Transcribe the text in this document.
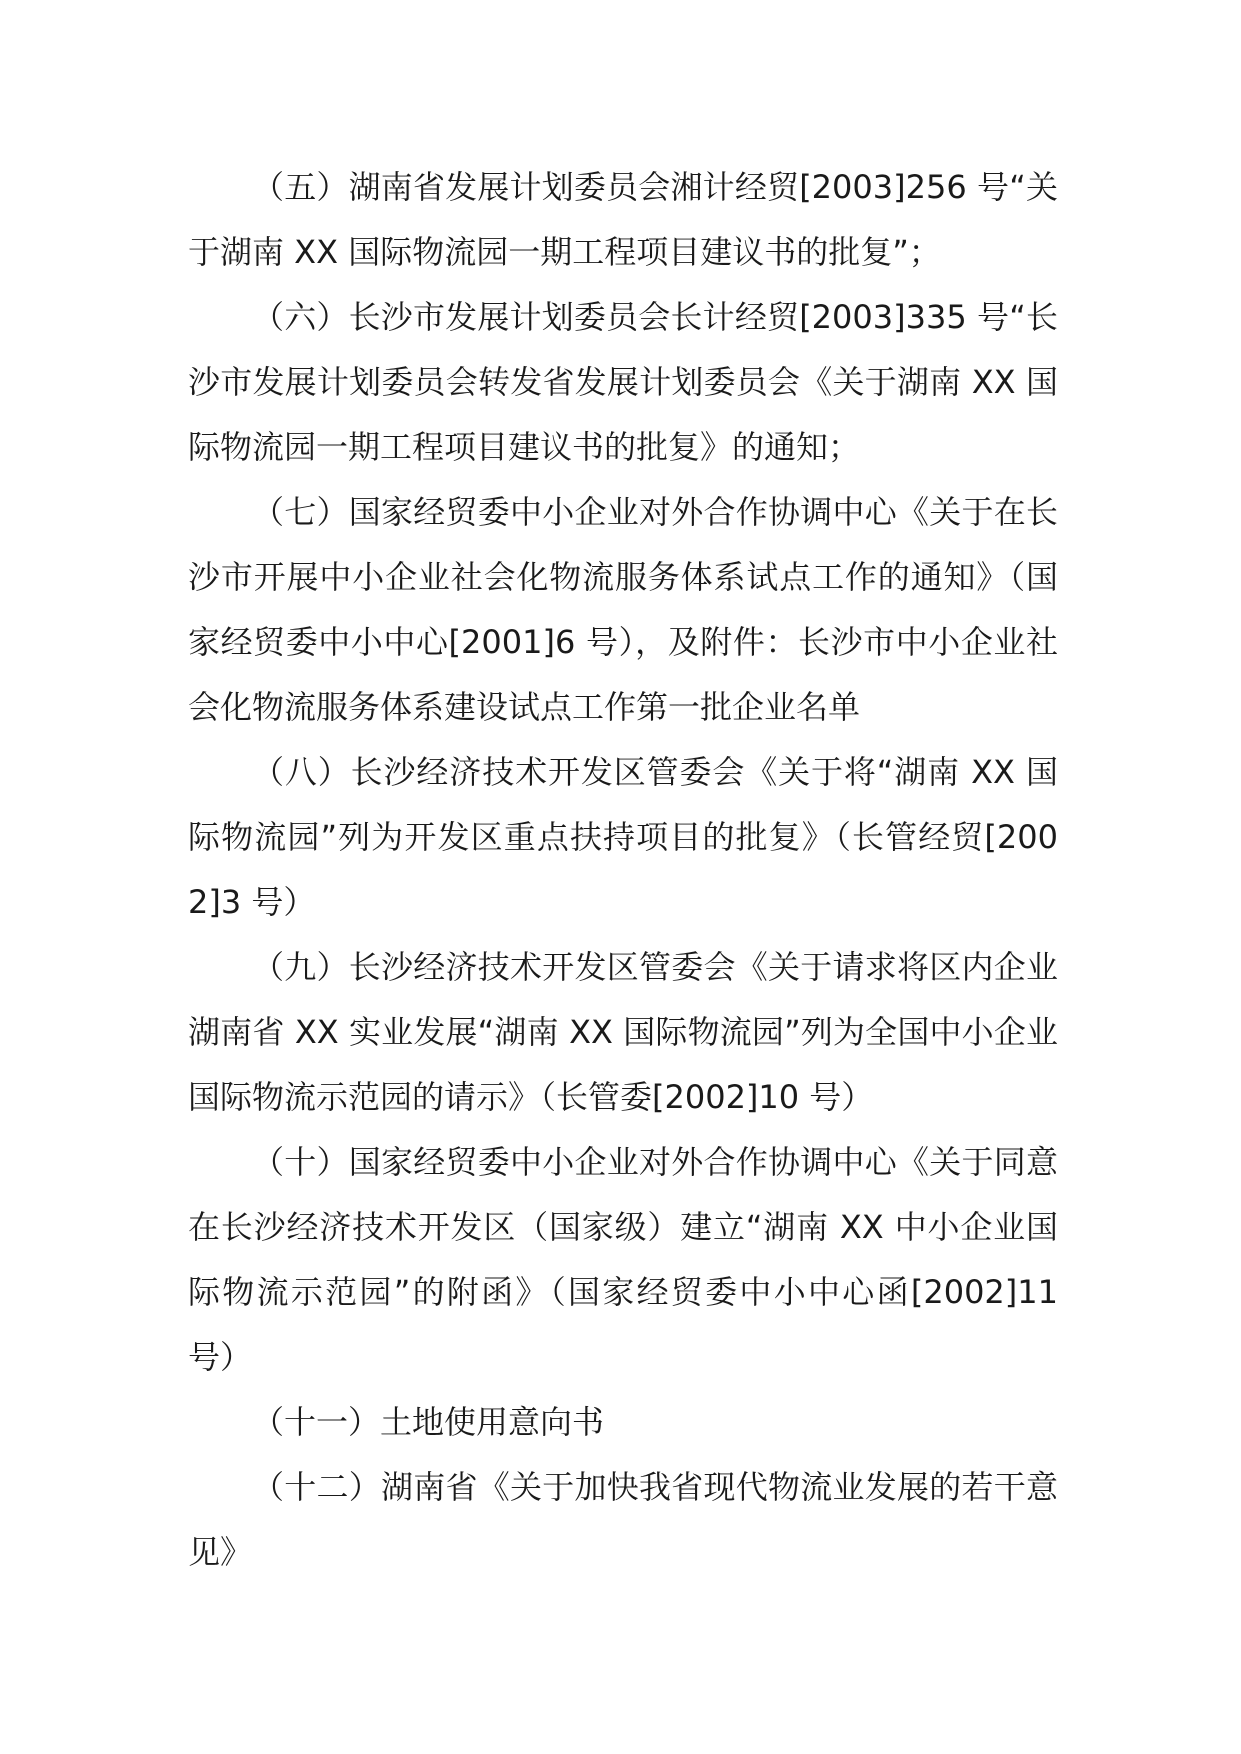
（五）湖南省发展计划委员会湘计经贸[2003]256 号“关于湖南 XX 国际物流园一期工程项目建议书的批复”；

（六）长沙市发展计划委员会长计经贸[2003]335 号“长沙市发展计划委员会转发省发展计划委员会《关于湖南 XX 国际物流园一期工程项目建议书的批复》的通知；

（七）国家经贸委中小企业对外合作协调中心《关于在长沙市开展中小企业社会化物流服务体系试点工作的通知》（国家经贸委中小中心[2001]6 号），及附件：长沙市中小企业社会化物流服务体系建设试点工作第一批企业名单

（八）长沙经济技术开发区管委会《关于将“湖南 XX 国际物流园”列为开发区重点扶持项目的批复》（长管经贸[2002]3 号）

（九）长沙经济技术开发区管委会《关于请求将区内企业湖南省 XX 实业发展“湖南 XX 国际物流园”列为全国中小企业国际物流示范园的请示》（长管委[2002]10 号）

（十）国家经贸委中小企业对外合作协调中心《关于同意在长沙经济技术开发区（国家级）建立“湖南 XX 中小企业国际物流示范园”的附函》（国家经贸委中小中心函[2002]11 号）

（十一）土地使用意向书

（十二）湖南省《关于加快我省现代物流业发展的若干意见》
